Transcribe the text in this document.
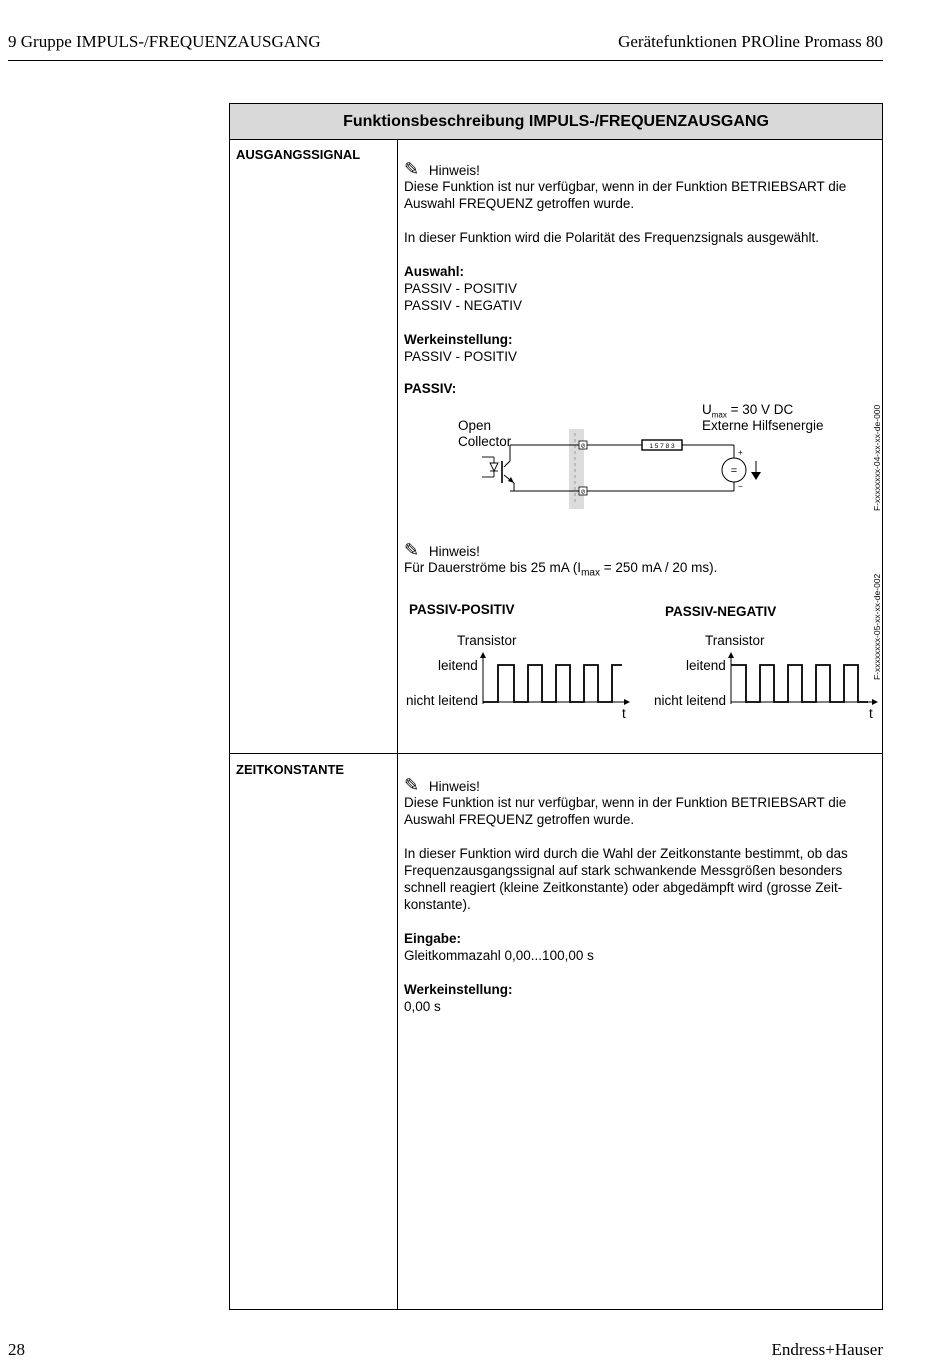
9 Gruppe IMPULS-/FREQUENZAUSGANG	Gerätefunktionen PROline Promass 80
Funktionsbeschreibung IMPULS-/FREQUENZAUSGANG
AUSGANGSSIGNAL
✎ Hinweis!
Diese Funktion ist nur verfügbar, wenn in der Funktion BETRIEBSART die
Auswahl FREQUENZ getroffen wurde.
In dieser Funktion wird die Polarität des Frequenzsignals ausgewählt.
Auswahl:
PASSIV - POSITIV
PASSIV - NEGATIV
Werkeinstellung:
PASSIV - POSITIV
PASSIV:
$U_{max} = 30$ V DC
Externe Hilfsenergie
Open
Collector	⊘
⊘
1 5 7 8 3
=
+
−	F-xxxxxxxx-04-xx-xx-de-000
✎ Hinweis!
Für Dauerströme bis 25 mA ($I_{max} = 250$ mA / 20 ms).
PASSIV-POSITIV	PASSIV-NEGATIV
Transistor	Transistor
leitend	leitend
nicht leitend	nicht leitend
t	t
F-xxxxxxxx-05-xx-xx-de-002
ZEITKONSTANTE
✎ Hinweis!
Diese Funktion ist nur verfügbar, wenn in der Funktion BETRIEBSART die
Auswahl FREQUENZ getroffen wurde.
In dieser Funktion wird durch die Wahl der Zeitkonstante bestimmt, ob das
Frequenzausgangssignal auf stark schwankende Messgrößen besonders
schnell reagiert (kleine Zeitkonstante) oder abgedämpft wird (grosse Zeit-
konstante).
Eingabe:
Gleitkommazahl 0,00...100,00 s
Werkeinstellung:
0,00 s
28	Endress+Hauser
